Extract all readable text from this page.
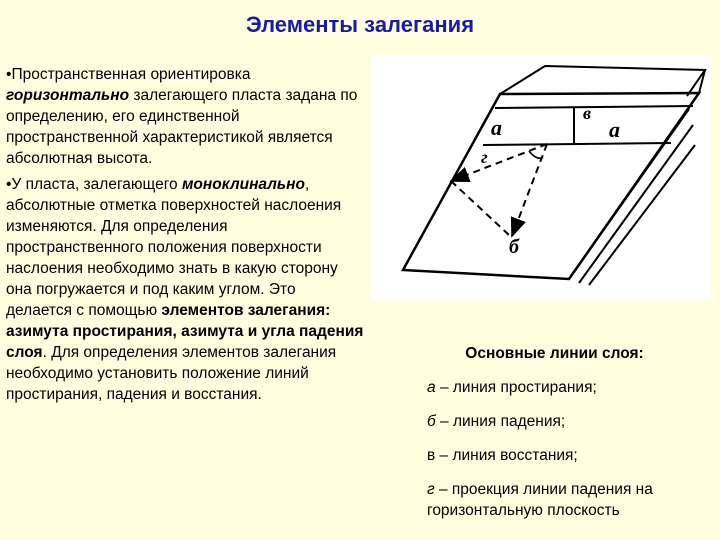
Элементы залегания

•Пространственная ориентировка горизонтально залегающего пласта задана по определению, его единственной пространственной характеристикой является абсолютная высота.

•У пласта, залегающего моноклинально, абсолютные отметка поверхностей наслоения изменяются. Для определения пространственного положения поверхности наслоения необходимо знать в какую сторону она погружается и под каким углом. Это делается с помощью элементов залегания: азимута простирания, азимута и угла падения слоя. Для определения элементов залегания необходимо установить положение линий простирания, падения и восстания.

а
в
а
г
б
Основные линии слоя:
а – линия простирания;
б – линия падения;
в – линия восстания;
г – проекция линии падения на горизонтальную плоскость
